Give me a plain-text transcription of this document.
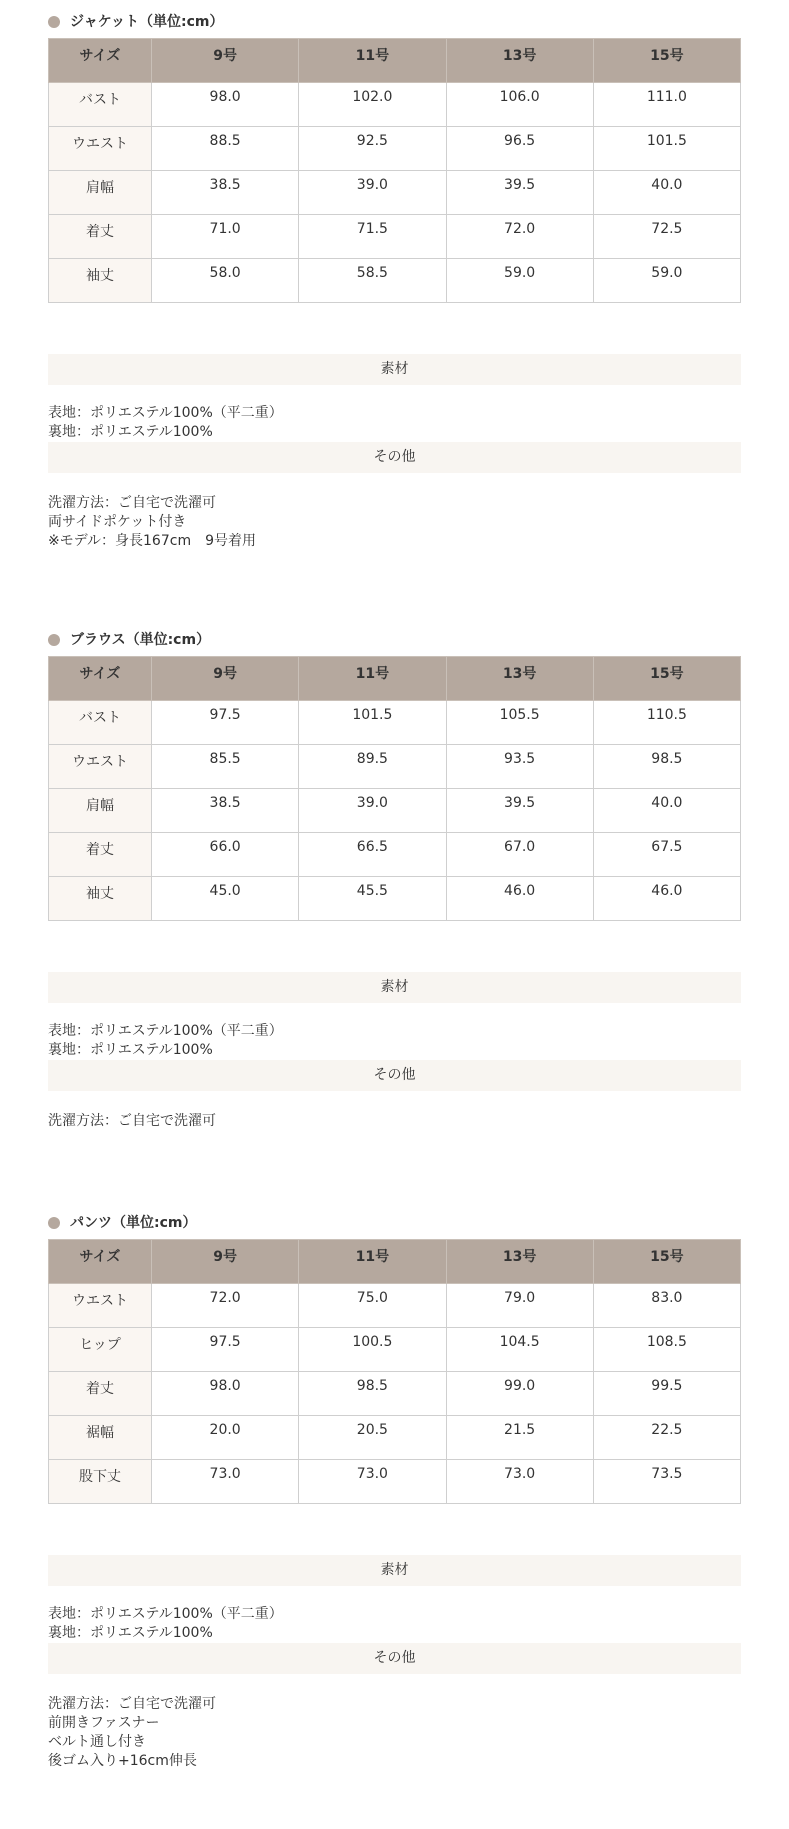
ジャケット（単位:cm）
サイズ	9号	11号	13号	15号
バスト	98.0	102.0	106.0	111.0
ウエスト	88.5	92.5	96.5	101.5
肩幅	38.5	39.0	39.5	40.0
着丈	71.0	71.5	72.0	72.5
袖丈	58.0	58.5	59.0	59.0
素材
表地：ポリエステル100%（平二重）
裏地：ポリエステル100%
その他
洗濯方法：ご自宅で洗濯可
両サイドポケット付き
※モデル：身長167cm　9号着用
ブラウス（単位:cm）
サイズ	9号	11号	13号	15号
バスト	97.5	101.5	105.5	110.5
ウエスト	85.5	89.5	93.5	98.5
肩幅	38.5	39.0	39.5	40.0
着丈	66.0	66.5	67.0	67.5
袖丈	45.0	45.5	46.0	46.0
素材
表地：ポリエステル100%（平二重）
裏地：ポリエステル100%
その他
洗濯方法：ご自宅で洗濯可
パンツ（単位:cm）
サイズ	9号	11号	13号	15号
ウエスト	72.0	75.0	79.0	83.0
ヒップ	97.5	100.5	104.5	108.5
着丈	98.0	98.5	99.0	99.5
裾幅	20.0	20.5	21.5	22.5
股下丈	73.0	73.0	73.0	73.5
素材
表地：ポリエステル100%（平二重）
裏地：ポリエステル100%
その他
洗濯方法：ご自宅で洗濯可
前開きファスナー
ベルト通し付き
後ゴム入り+16cm伸長
